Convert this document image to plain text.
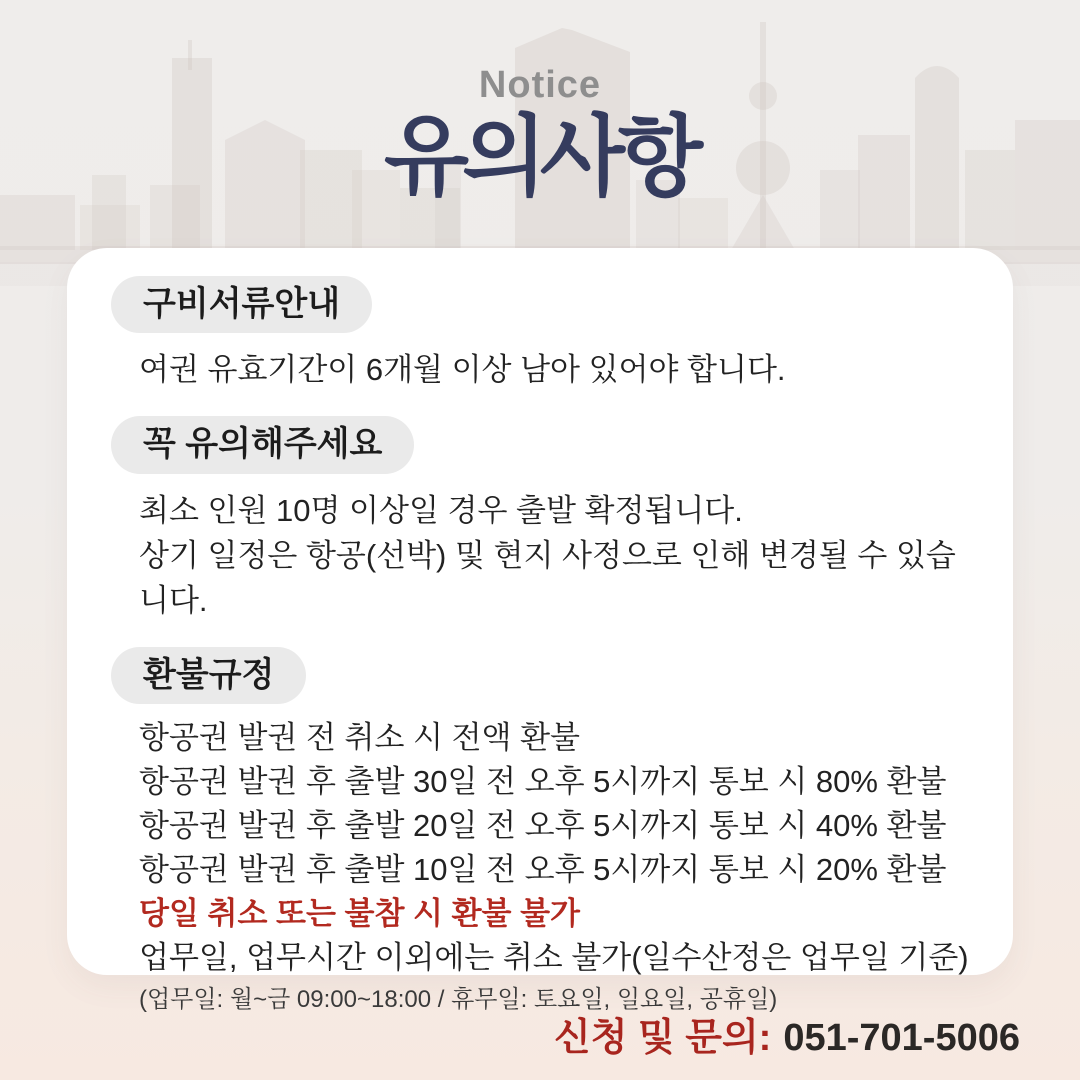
Notice
유의사항
구비서류안내
여권 유효기간이 6개월 이상 남아 있어야 합니다.
꼭 유의해주세요
최소 인원 10명 이상일 경우 출발 확정됩니다.
상기 일정은 항공(선박) 및 현지 사정으로 인해 변경될 수 있습니다.
환불규정
항공권 발권 전 취소 시 전액 환불
항공권 발권 후 출발 30일 전 오후 5시까지 통보 시 80% 환불
항공권 발권 후 출발 20일 전 오후 5시까지 통보 시 40% 환불
항공권 발권 후 출발 10일 전 오후 5시까지 통보 시 20% 환불
당일 취소 또는 불참 시 환불 불가
업무일, 업무시간 이외에는 취소 불가(일수산정은 업무일 기준)
(업무일: 월~금 09:00~18:00 / 휴무일: 토요일, 일요일, 공휴일)
신청 및 문의: 051-701-5006
